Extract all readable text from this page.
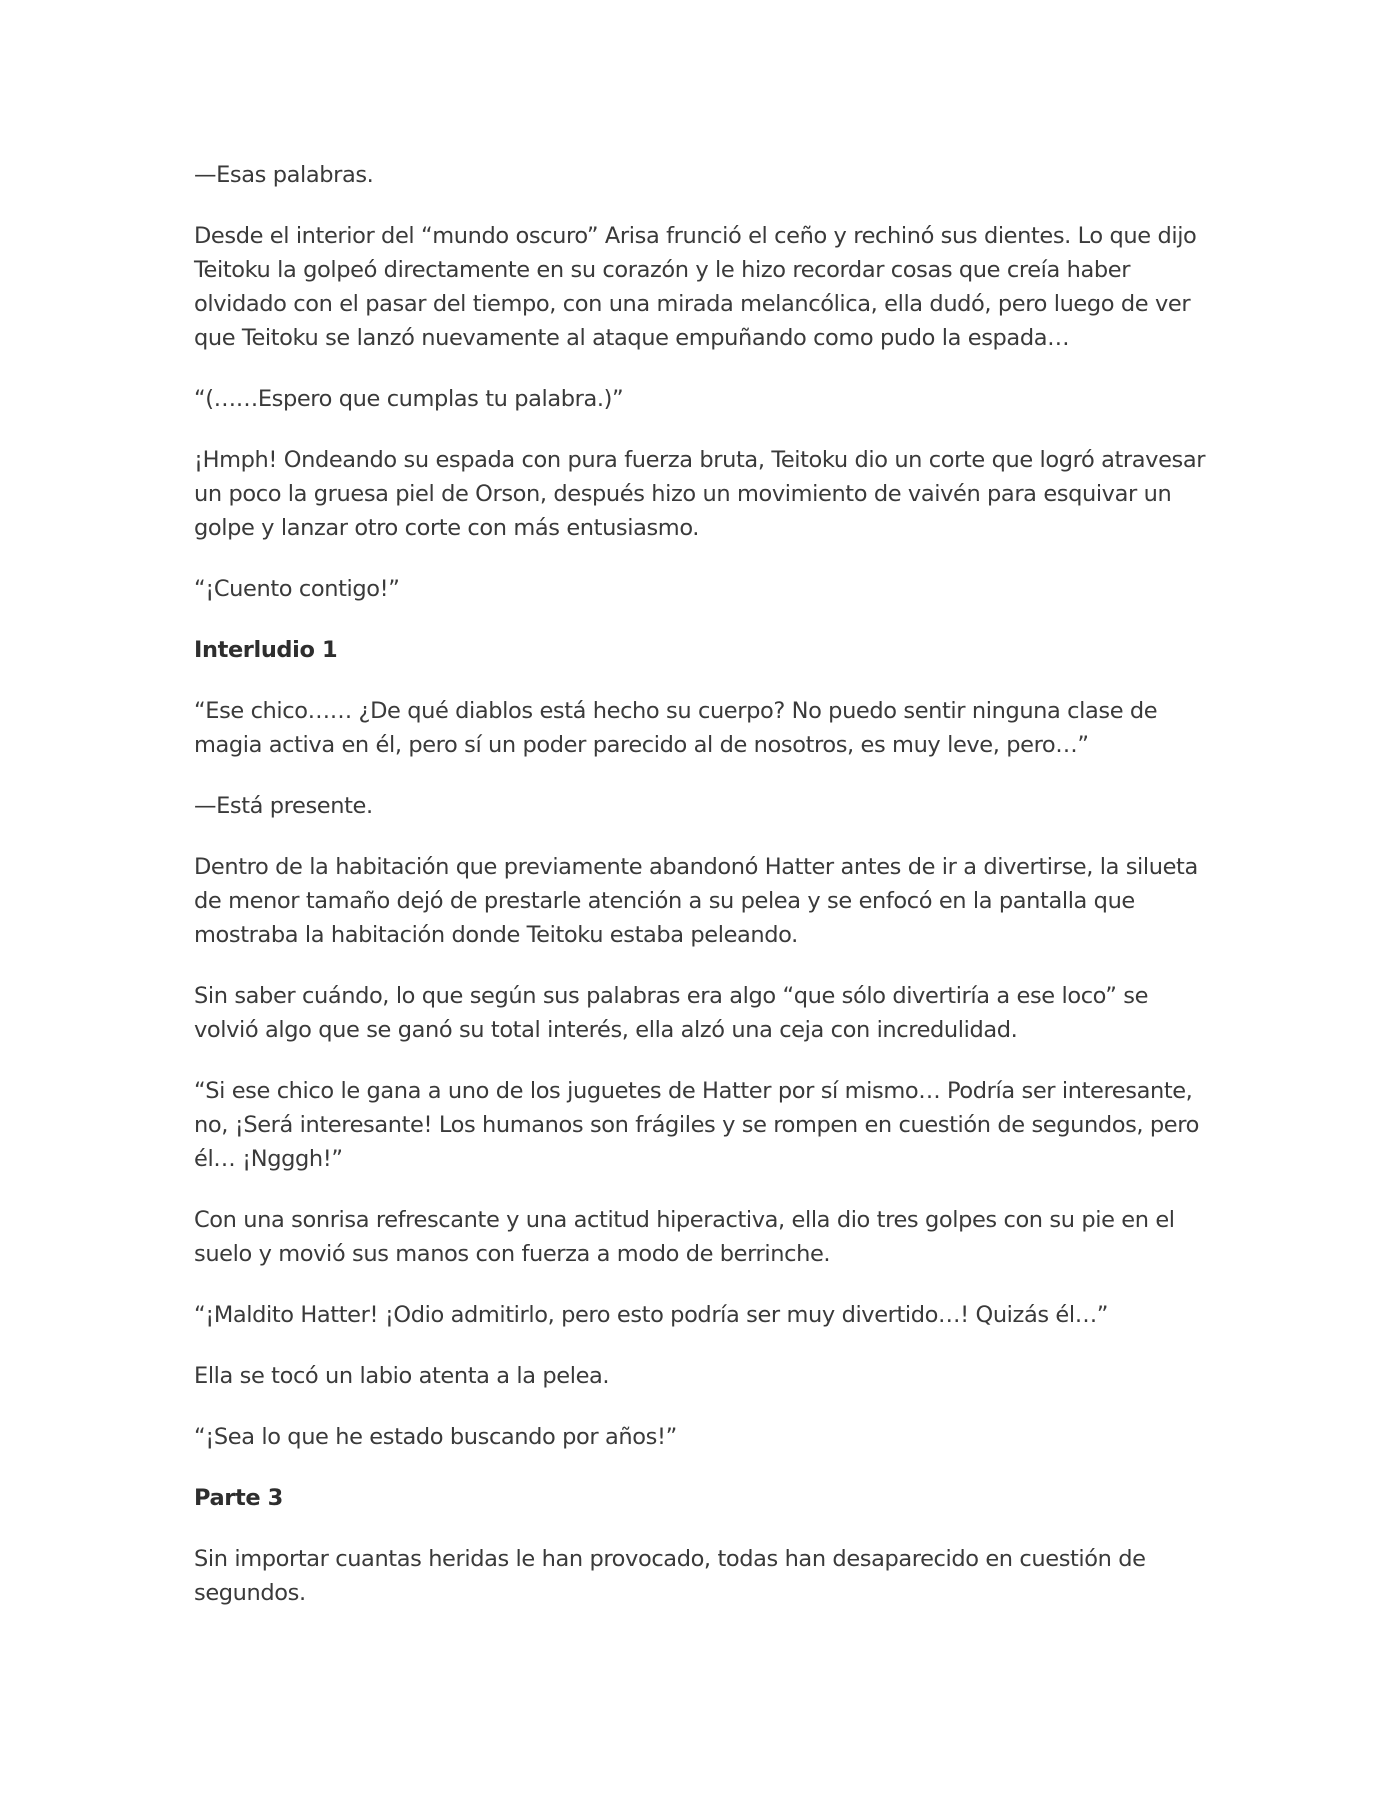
—Esas palabras.

Desde el interior del “mundo oscuro” Arisa frunció el ceño y rechinó sus dientes. Lo que dijo Teitoku la golpeó directamente en su corazón y le hizo recordar cosas que creía haber olvidado con el pasar del tiempo, con una mirada melancólica, ella dudó, pero luego de ver que Teitoku se lanzó nuevamente al ataque empuñando como pudo la espada…

“(……Espero que cumplas tu palabra.)”

¡Hmph! Ondeando su espada con pura fuerza bruta, Teitoku dio un corte que logró atravesar un poco la gruesa piel de Orson, después hizo un movimiento de vaivén para esquivar un golpe y lanzar otro corte con más entusiasmo.

“¡Cuento contigo!”

Interludio 1

“Ese chico…… ¿De qué diablos está hecho su cuerpo? No puedo sentir ninguna clase de magia activa en él, pero sí un poder parecido al de nosotros, es muy leve, pero…”

—Está presente.

Dentro de la habitación que previamente abandonó Hatter antes de ir a divertirse, la silueta de menor tamaño dejó de prestarle atención a su pelea y se enfocó en la pantalla que mostraba la habitación donde Teitoku estaba peleando.

Sin saber cuándo, lo que según sus palabras era algo “que sólo divertiría a ese loco” se volvió algo que se ganó su total interés, ella alzó una ceja con incredulidad.

“Si ese chico le gana a uno de los juguetes de Hatter por sí mismo… Podría ser interesante, no, ¡Será interesante! Los humanos son frágiles y se rompen en cuestión de segundos, pero él… ¡Ngggh!”

Con una sonrisa refrescante y una actitud hiperactiva, ella dio tres golpes con su pie en el suelo y movió sus manos con fuerza a modo de berrinche.

“¡Maldito Hatter! ¡Odio admitirlo, pero esto podría ser muy divertido…! Quizás él…”

Ella se tocó un labio atenta a la pelea.

“¡Sea lo que he estado buscando por años!”

Parte 3

Sin importar cuantas heridas le han provocado, todas han desaparecido en cuestión de segundos.
